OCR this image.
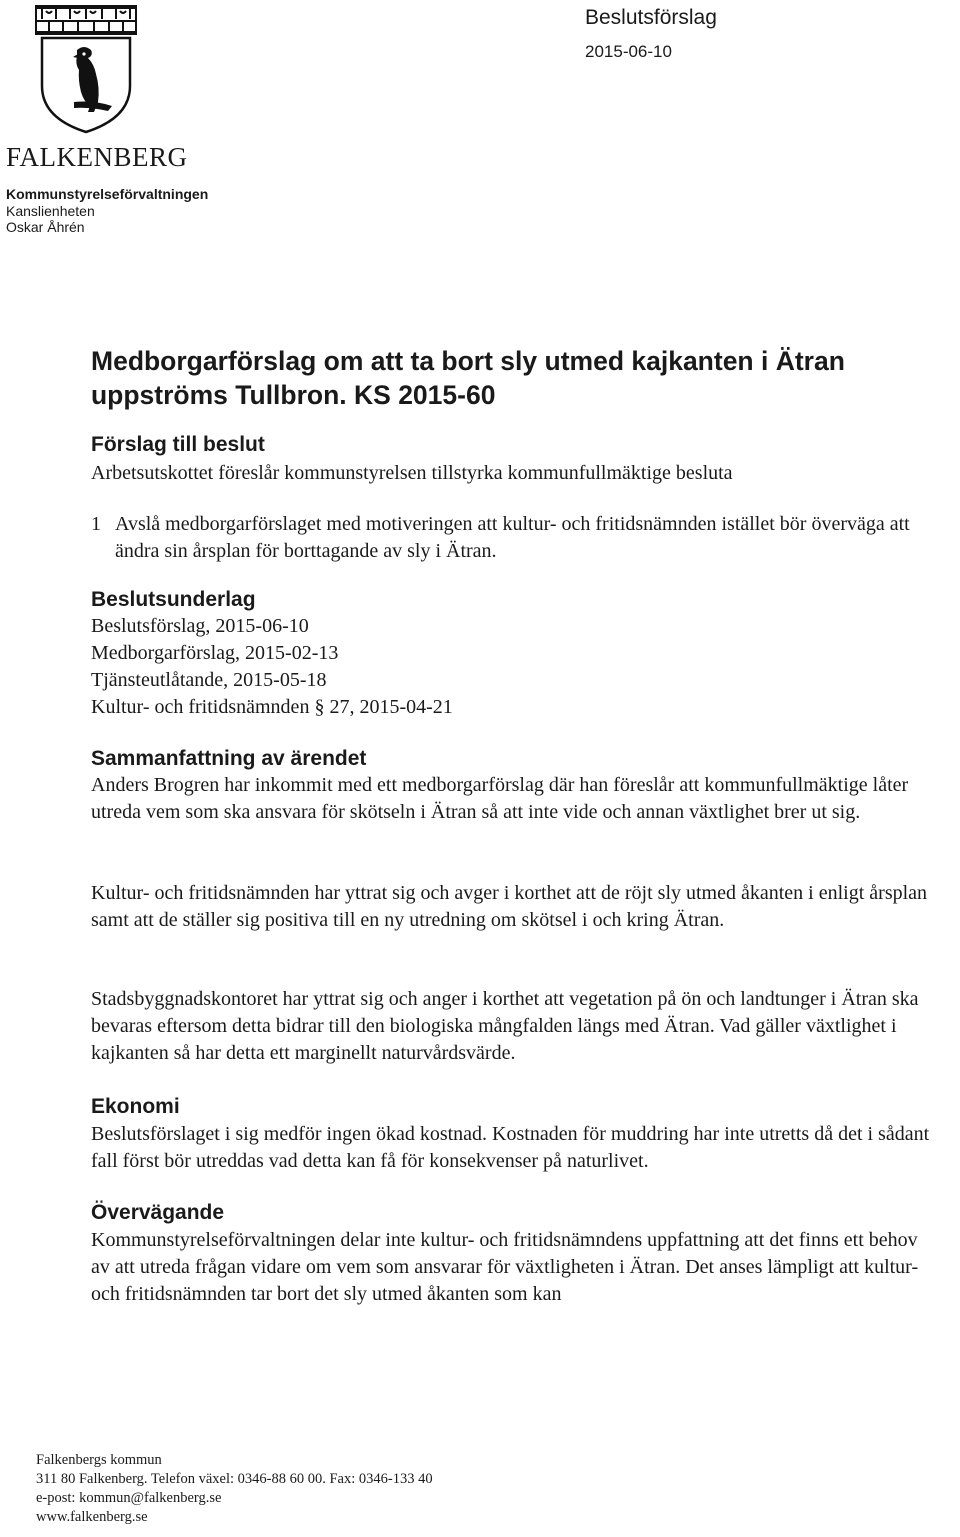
FALKENBERG
Kommunstyrelseförvaltningen
Kanslienheten
Oskar Åhrén
Beslutsförslag
2015-06-10
Medborgarförslag om att ta bort sly utmed kajkanten i Ätran uppströms Tullbron. KS 2015-60
Förslag till beslut

Arbetsutskottet föreslår kommunstyrelsen tillstyrka kommunfullmäktige besluta

1 Avslå medborgarförslaget med motiveringen att kultur- och fritidsnämnden istället bör överväga att ändra sin årsplan för borttagande av sly i Ätran.
Beslutsunderlag
Beslutsförslag, 2015-06-10
Medborgarförslag, 2015-02-13
Tjänsteutlåtande, 2015-05-18
Kultur- och fritidsnämnden § 27, 2015-04-21
Sammanfattning av ärendet

Anders Brogren har inkommit med ett medborgarförslag där han föreslår att kommunfullmäktige låter utreda vem som ska ansvara för skötseln i Ätran så att inte vide och annan växtlighet brer ut sig.

Kultur- och fritidsnämnden har yttrat sig och avger i korthet att de röjt sly utmed åkanten i enligt årsplan samt att de ställer sig positiva till en ny utredning om skötsel i och kring Ätran.

Stadsbyggnadskontoret har yttrat sig och anger i korthet att vegetation på ön och landtunger i Ätran ska bevaras eftersom detta bidrar till den biologiska mångfalden längs med Ätran. Vad gäller växtlighet i kajkanten så har detta ett marginellt naturvårdsvärde.

Ekonomi

Beslutsförslaget i sig medför ingen ökad kostnad. Kostnaden för muddring har inte utretts då det i sådant fall först bör utreddas vad detta kan få för konsekvenser på naturlivet.

Övervägande

Kommunstyrelseförvaltningen delar inte kultur- och fritidsnämndens uppfattning att det finns ett behov av att utreda frågan vidare om vem som ansvarar för växtligheten i Ätran. Det anses lämpligt att kultur- och fritidsnämnden tar bort det sly utmed åkanten som kan

Falkenbergs kommun
311 80 Falkenberg. Telefon växel: 0346-88 60 00. Fax: 0346-133 40
e-post: kommun@falkenberg.se
www.falkenberg.se
